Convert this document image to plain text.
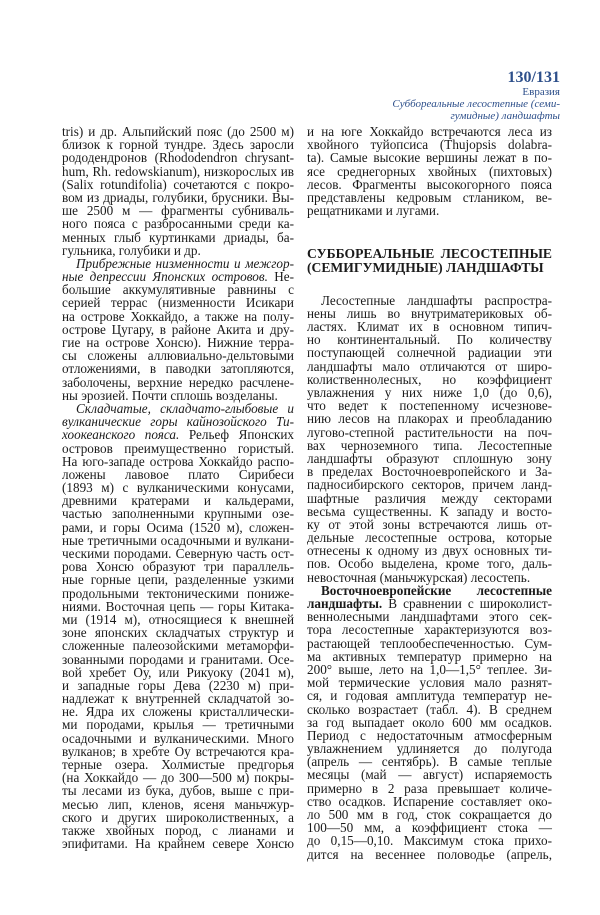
130/131
Евразия
Суббореальные лесостепные (семи-
гумидные) ландшафты
tris) и др. Альпийский пояс (до 2500 м)
близок к горной тундре. Здесь заросли
рододендронов (Rhododendron chrysant-
hum, Rh. redowskianum), низкорослых ив
(Salix rotundifolia) сочетаются с покро-
вом из дриады, голубики, брусники. Вы-
ше 2500 м — фрагменты субниваль-
ного пояса с разбросанными среди ка-
менных глыб куртинками дриады, ба-
гульника, голубики и др.
Прибрежные низменности и межгор-
ные депрессии Японских островов. Не-
большие аккумулятивные равнины с
серией террас (низменности Исикари
на острове Хоккайдо, а также на полу-
острове Цугару, в районе Акита и дру-
гие на острове Хонсю). Нижние терра-
сы сложены аллювиально-дельтовыми
отложениями, в паводки затопляются,
заболочены, верхние нередко расчлене-
ны эрозией. Почти сплошь возделаны.
Складчатые, складчато-глыбовые и
вулканические горы кайнозойского Ти-
хоокеанского пояса. Рельеф Японских
островов преимущественно гористый.
На юго-западе острова Хоккайдо распо-
ложены лавовое плато Сирибеси
(1893 м) с вулканическими конусами,
древними кратерами и кальдерами,
частью заполненными крупными озе-
рами, и горы Осима (1520 м), сложен-
ные третичными осадочными и вулкани-
ческими породами. Северную часть ост-
рова Хонсю образуют три параллель-
ные горные цепи, разделенные узкими
продольными тектоническими пониже-
ниями. Восточная цепь — горы Китака-
ми (1914 м), относящиеся к внешней
зоне японских складчатых структур и
сложенные палеозойскими метаморфи-
зованными породами и гранитами. Осе-
вой хребет Оу, или Рикуоку (2041 м),
и западные горы Дева (2230 м) при-
надлежат к внутренней складчатой зо-
не. Ядра их сложены кристаллически-
ми породами, крылья — третичными
осадочными и вулканическими. Много
вулканов; в хребте Оу встречаются кра-
терные озера. Холмистые предгорья
(на Хоккайдо — до 300—500 м) покры-
ты лесами из бука, дубов, выше с при-
месью лип, кленов, ясеня маньчжур-
ского и других широколиственных, а
также хвойных пород, с лианами и
эпифитами. На крайнем севере Хонсю
и на юге Хоккайдо встречаются леса из
хвойного туйопсиса (Thujopsis dolabra-
ta). Самые высокие вершины лежат в по-
ясе среднегорных хвойных (пихтовых)
лесов. Фрагменты высокогорного пояса
представлены кедровым стлаником, ве-
рещатниками и лугами.
СУББОРЕАЛЬНЫЕ ЛЕСОСТЕПНЫЕ
(СЕМИГУМИДНЫЕ) ЛАНДШАФТЫ
Лесостепные ландшафты распростра-
нены лишь во внутриматериковых об-
ластях. Климат их в основном типич-
но континентальный. По количеству
поступающей солнечной радиации эти
ландшафты мало отличаются от широ-
колиственнолесных, но коэффициент
увлажнения у них ниже 1,0 (до 0,6),
что ведет к постепенному исчезнове-
нию лесов на плакорах и преобладанию
лугово-степной растительности на поч-
вах черноземного типа. Лесостепные
ландшафты образуют сплошную зону
в пределах Восточноевропейского и За-
падносибирского секторов, причем ланд-
шафтные различия между секторами
весьма существенны. К западу и восто-
ку от этой зоны встречаются лишь от-
дельные лесостепные острова, которые
отнесены к одному из двух основных ти-
пов. Особо выделена, кроме того, даль-
невосточная (маньчжурская) лесостепь.
Восточноевропейские лесостепные
ландшафты. В сравнении с широколист-
веннолесными ландшафтами этого сек-
тора лесостепные характеризуются воз-
растающей теплообеспеченностью. Сум-
ма активных температур примерно на
200° выше, лето на 1,0—1,5° теплее. Зи-
мой термические условия мало разнят-
ся, и годовая амплитуда температур не-
сколько возрастает (табл. 4). В среднем
за год выпадает около 600 мм осадков.
Период с недостаточным атмосферным
увлажнением удлиняется до полугода
(апрель — сентябрь). В самые теплые
месяцы (май — август) испаряемость
примерно в 2 раза превышает количе-
ство осадков. Испарение составляет око-
ло 500 мм в год, сток сокращается до
100—50 мм, а коэффициент стока —
до 0,15—0,10. Максимум стока прихо-
дится на весеннее половодье (апрель,
